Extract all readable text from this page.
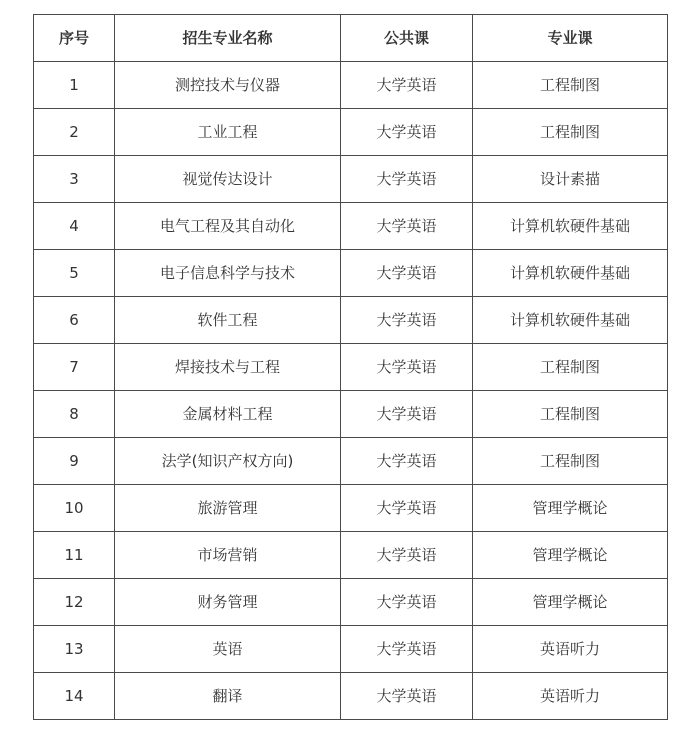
序号	招生专业名称	公共课	专业课
1	测控技术与仪器	大学英语	工程制图
2	工业工程	大学英语	工程制图
3	视觉传达设计	大学英语	设计素描
4	电气工程及其自动化	大学英语	计算机软硬件基础
5	电子信息科学与技术	大学英语	计算机软硬件基础
6	软件工程	大学英语	计算机软硬件基础
7	焊接技术与工程	大学英语	工程制图
8	金属材料工程	大学英语	工程制图
9	法学(知识产权方向)	大学英语	工程制图
10	旅游管理	大学英语	管理学概论
11	市场营销	大学英语	管理学概论
12	财务管理	大学英语	管理学概论
13	英语	大学英语	英语听力
14	翻译	大学英语	英语听力
